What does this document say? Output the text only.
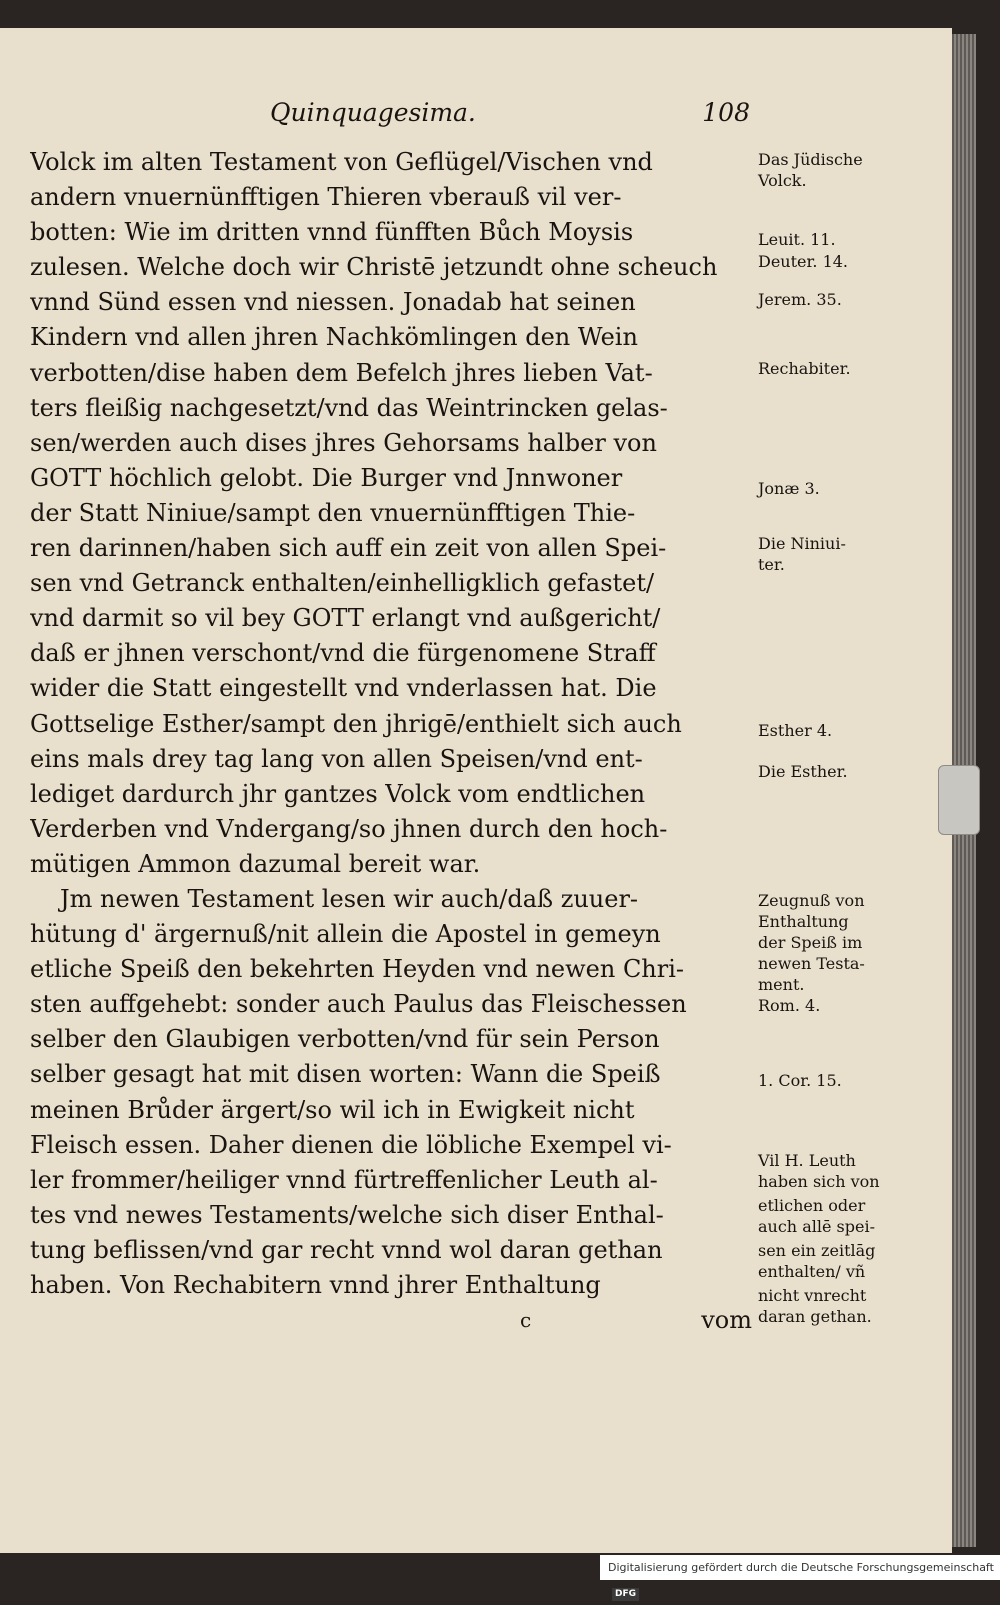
Quinquagesima.	108
Volck im alten Testament von Geflügel/Vischen vnd
andern vnuernünfftigen Thieren vberauß vil ver-
botten: Wie im dritten vnnd fünfften Bůch Moysis
zulesen. Welche doch wir Christē jetzundt ohne scheuch
vnnd Sünd essen vnd niessen. Jonadab hat seinen
Kindern vnd allen jhren Nachkömlingen den Wein
verbotten/dise haben dem Befelch jhres lieben Vat-
ters fleißig nachgesetzt/vnd das Weintrincken gelas-
sen/werden auch dises jhres Gehorsams halber von
GOTT höchlich gelobt. Die Burger vnd Jnnwoner
der Statt Niniue/sampt den vnuernünfftigen Thie-
ren darinnen/haben sich auff ein zeit von allen Spei-
sen vnd Getranck enthalten/einhelligklich gefastet/
vnd darmit so vil bey GOTT erlangt vnd außgericht/
daß er jhnen verschont/vnd die fürgenomene Straff
wider die Statt eingestellt vnd vnderlassen hat. Die
Gottselige Esther/sampt den jhrigē/enthielt sich auch
eins mals drey tag lang von allen Speisen/vnd ent-
lediget dardurch jhr gantzes Volck vom endtlichen
Verderben vnd Vndergang/so jhnen durch den hoch-
mütigen Ammon dazumal bereit war.
Jm newen Testament lesen wir auch/daß zuuer-
hütung d' ärgernuß/nit allein die Apostel in gemeyn
etliche Speiß den bekehrten Heyden vnd newen Chri-
sten auffgehebt: sonder auch Paulus das Fleischessen
selber den Glaubigen verbotten/vnd für sein Person
selber gesagt hat mit disen worten: Wann die Speiß
meinen Brůder ärgert/so wil ich in Ewigkeit nicht
Fleisch essen. Daher dienen die löbliche Exempel vi-
ler frommer/heiliger vnnd fürtreffenlicher Leuth al-
tes vnd newes Testaments/welche sich diser Enthal-
tung beflissen/vnd gar recht vnnd wol daran gethan
haben. Von Rechabitern vnnd jhrer Enthaltung
c	vom
Das Jüdische
Volck.
Leuit. 11.
Deuter. 14.
Jerem. 35.
Rechabiter.
Jonæ 3.
Die Niniui-
ter.
Esther 4.
Die Esther.
Zeugnuß von
Enthaltung
der Speiß im
newen Testa-
ment.
Rom. 4.
1. Cor. 15.
Vil H. Leuth
haben sich von
etlichen oder
auch allē spei-
sen ein zeitlāg
enthalten/ vñ
nicht vnrecht
daran gethan.
Digitalisierung gefördert durch die Deutsche ForschungsgemeinschaftDFG
